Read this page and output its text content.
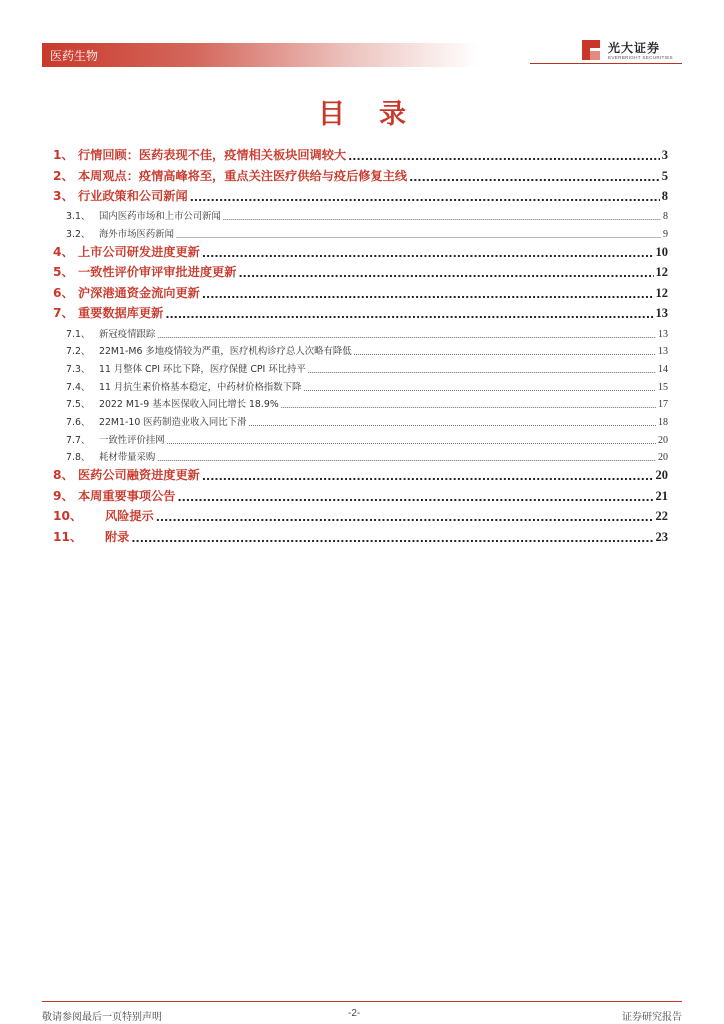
医药生物
光大证券
EVERBRIGHT SECURITIES
目录
1、 行情回顾：医药表现不佳，疫情相关板块回调较大 .....	3
2、 本周观点：疫情高峰将至，重点关注医疗供给与疫后修复主线 .....	5
3、 行业政策和公司新闻 .....	8
3.1、 国内医药市场和上市公司新闻 .....	8
3.2、 海外市场医药新闻 .....	9
4、 上市公司研发进度更新 .....	10
5、 一致性评价审评审批进度更新 .....	12
6、 沪深港通资金流向更新 .....	12
7、 重要数据库更新 .....	13
7.1、 新冠疫情跟踪 .....	13
7.2、 22M1-M6 多地疫情较为严重，医疗机构诊疗总人次略有降低 .....	13
7.3、 11 月整体 CPI 环比下降，医疗保健 CPI 环比持平 .....	14
7.4、 11 月抗生素价格基本稳定，中药材价格指数下降 .....	15
7.5、 2022 M1-9 基本医保收入同比增长 18.9% .....	17
7.6、 22M1-10 医药制造业收入同比下滑 .....	18
7.7、 一致性评价挂网 .....	20
7.8、 耗材带量采购 .....	20
8、 医药公司融资进度更新 .....	20
9、 本周重要事项公告 .....	21
10、	风险提示 .....	22
11、	附录 .....	23
敬请参阅最后一页特别声明	-2-	证券研究报告
